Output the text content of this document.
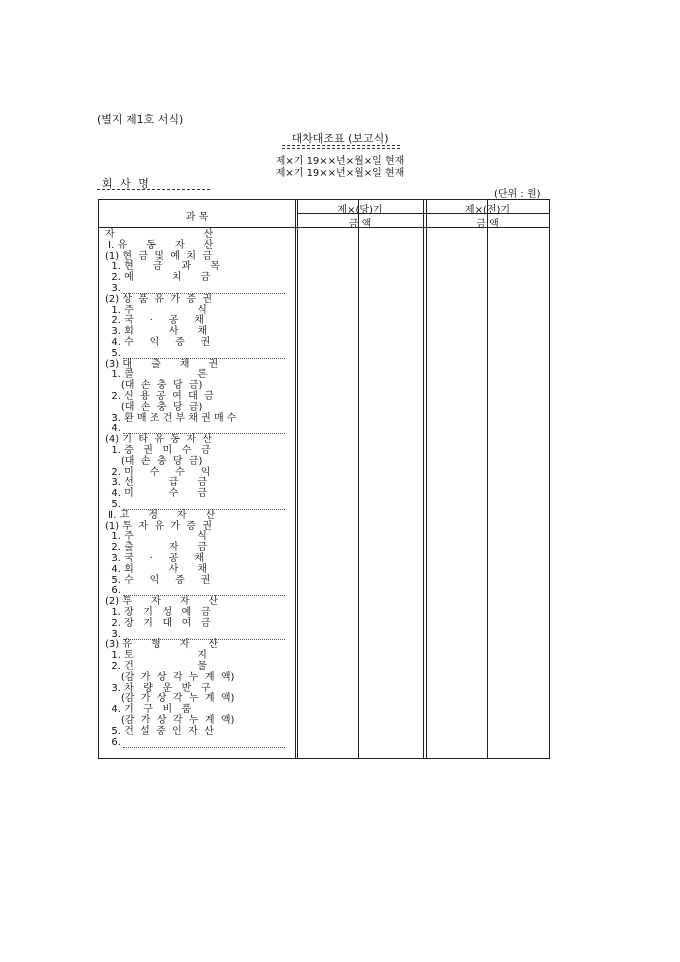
(별지 제1호 서식)
대차대조표 (보고식)
제×기 19××년×월×일 현재
제×기 19××년×월×일 현재
회 사 명
(단위 : 원)
과 목
제×(당)기	제×(전)기
금 액	금 액
자                            산
Ⅰ. 유      동      자      산
(1) 현  금  및  예  치  금
1. 현      금      과      목
2. 예            치      금
3.
(2) 상  품  유  가  증  권
1. 주                    식
2. 국     ·     공     채
3. 회           사      채
4. 수     익     증     권
5.
(3) 대      출      채      권
1. 콜                    론
(대  손  충  당  금)
2. 신  용  공  여  대  금
(대  손  충  당  금)
3. 환 매 조 건 부 채 권 매 수
4.
(4) 기  타  유  동  자  산
1. 증   권   미   수   금
(대  손  충  당  금)
2. 미     수     수     익
3. 선           급      금
4. 미           수      금
5.
Ⅱ. 고      정      자      산
(1) 투  자  유  가  증  권
1. 주                    식
2. 출           자      금
3. 국     ·     공     채
4. 회           사      채
5. 수     익     증     권
6.
(2) 투      자      자      산
1. 장   기   성   예   금
2. 장   기   대   여   금
3.
(3) 유      형      자      산
1. 토                    지
2. 건                    물
(감  가  상  각  누  계  액)
3. 차   량   운   반   구
(감  가  상  각  누  계  액)
4. 기   구   비   품
(감  가  상  각  누  계  액)
5. 건  설  중  인  자  산
6.
